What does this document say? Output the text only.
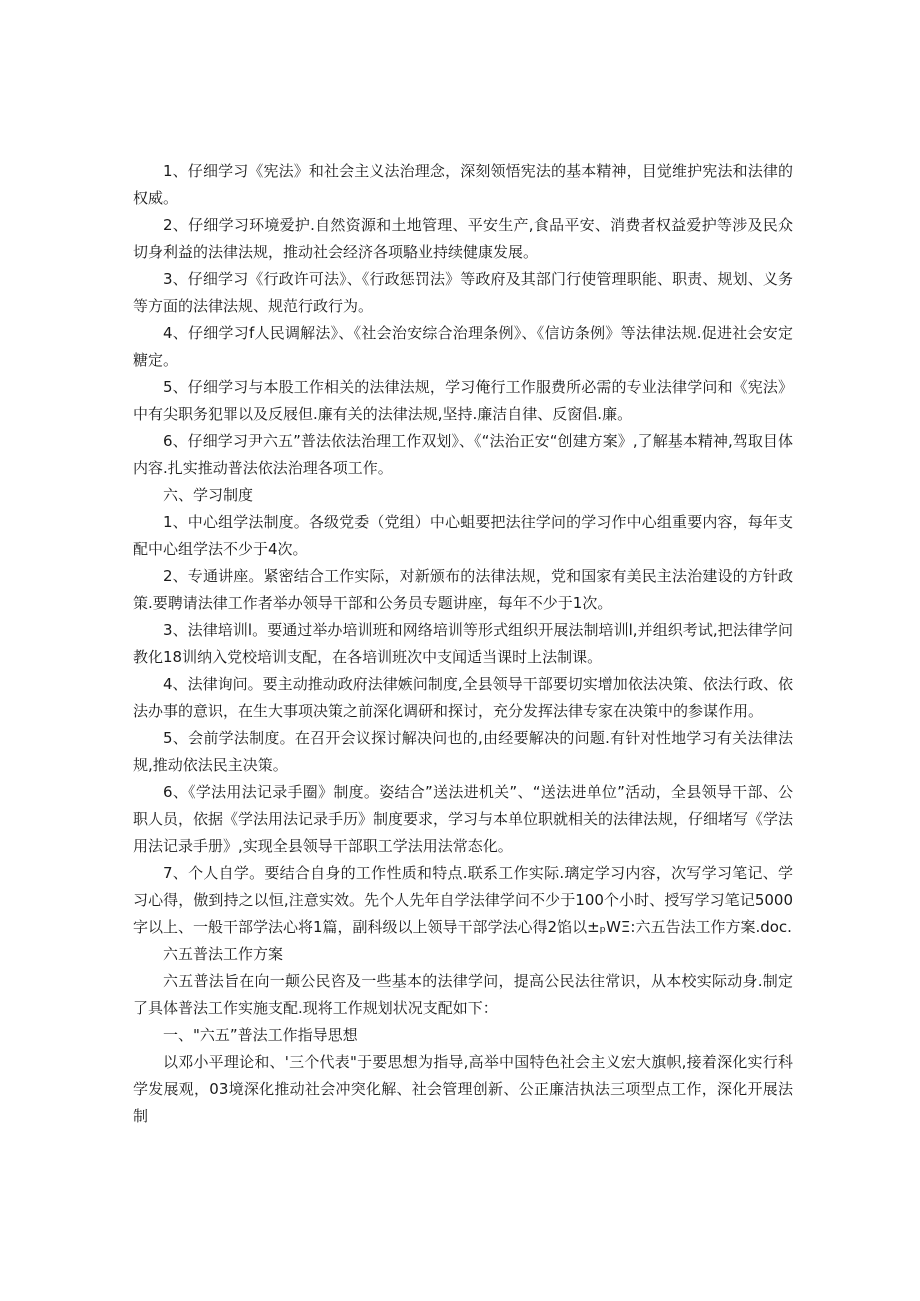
1、仔细学习《宪法》和社会主义法治理念，深刻领悟宪法的基本精神，目觉维护宪法和法律的权威。

2、仔细学习环境爱护.自然资源和土地管理、平安生产,食品平安、消费者权益爱护等涉及民众切身利益的法律法规，推动社会经济各项駱业持续健康发展。

3、仔细学习《行政许可法》、《行政惩罚法》等政府及其部门行使管理职能、职责、规划、义务等方面的法律法规、规范行政行为。

4、仔细学习f人民调解法》、《社会治安综合治理条例》、《信访条例》等法律法规.促进社会安定糖定。

5、仔细学习与本股工作相关的法律法规，学习俺行工作服费所必需的专业法律学问和《宪法》中有尖职务犯罪以及反屐但.廉有关的法律法规,坚持.廉洁自律、反窗倡.廉。

6、仔细学习尹六五”普法依法治理工作双划》、《“法治正安“创建方案》,了解基本精神,驾取目体内容.扎实推动普法依法治理各项工作。

六、学习制度

1、中心组学法制度。各级党委（党组）中心蛆要把法往学问的学习作中心组重要内容，每年支配中心组学法不少于4次。

2、专通讲座。紧密结合工作实际，对新颁布的法律法规，党和国家有美民主法治建设的方针政策.要聘请法律工作者举办领导干部和公务员专题讲座，每年不少于1次。

3、法律培训l。要通过举办培训班和网络培训等形式组织开展法制培训l,并组织考试,把法律学问教化18训纳入党校培训支配，在各培训班次中支闻适当课时上法制课。

4、法律询问。要主动推动政府法律嫉问制度,全县领导干部要切实增加依法决策、依法行政、依法办事的意识，在生大事项决策之前深化调研和探讨，充分发挥法律专家在决策中的参谋作用。

5、会前学法制度。在召开会议探讨解决问也的,由经要解决的问题.有针对性地学习有关法律法规,推动依法民主决策。

6、《学法用法记录手圈》制度。姿结合”送法进机关”、“送法进单位”活动，全县领导干部、公职人员，依据《学法用法记录手历》制度要求，学习与本单位职就相关的法律法规，仔细堵写《学法用法记录手册》,实现全县领导干部职工学法用法常态化。

7、个人自学。要结合自身的工作性质和特点.联系工作实际.璃定学习内容，次写学习笔记、学习心得，傲到持之以恒,注意实效。先个人先年自学法律学问不少于100个小时、授写学习笔记5000字以上、一般干部学法心将1篇，副科级以上领导干部学法心得2馅以±ₚWΞ:六五告法工作方案.doc.

六五普法工作方案

六五普法旨在向一颠公民咨及一些基本的法律学问，提高公民法往常识，从本校实际动身.制定了具体普法工作实施支配.现将工作规划状况支配如下：

一、"六五”普法工作指导思想

以邓小平理论和、'三个代表"于要思想为指导,高举中国特色社会主义宏大旗帜,接着深化实行科学发展观，03境深化推动社会冲突化解、社会管理创新、公正廉洁执法三项型点工作，深化开展法制
